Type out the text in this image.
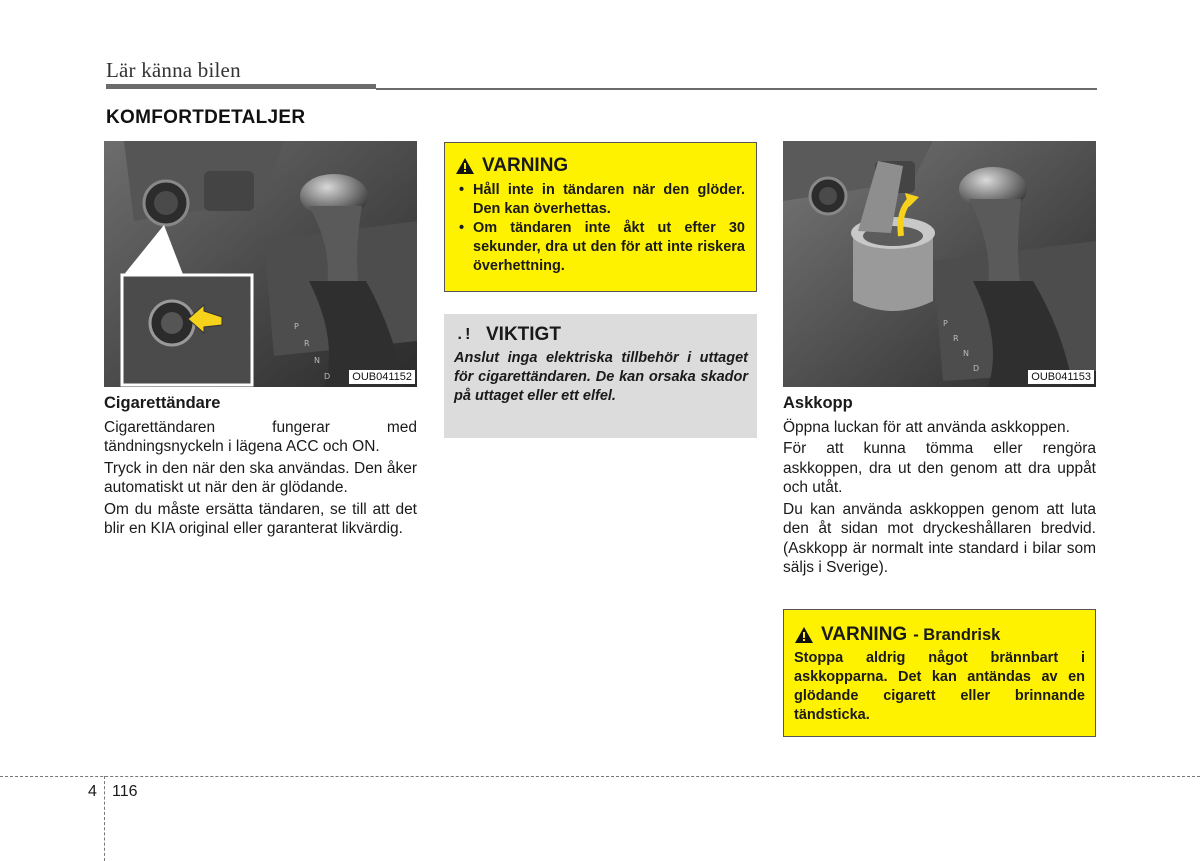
Lär känna bilen
KOMFORTDETALJER
P
R
N
D OUB041152
Cigarettändare

Cigarettändaren fungerar med tändningsnyckeln i lägena ACC och ON.

Tryck in den när den ska användas. Den åker automatiskt ut när den är glödande.

Om du måste ersätta tändaren, se till att det blir en KIA original eller garanterat likvärdig.

VARNING
• Håll inte in tändaren när den glöder. Den kan överhettas.
• Om tändaren inte åkt ut efter 30 sekunder, dra ut den för att inte riskera överhettning.
. ! VIKTIGT
Anslut inga elektriska tillbehör i uttaget för cigarettändaren. De kan orsaka skador på uttaget eller ett elfel.
R
N
D
P
OUB041153
Askkopp

Öppna luckan för att använda askkoppen.

För att kunna tömma eller rengöra askkoppen, dra ut den genom att dra uppåt och utåt.

Du kan använda askkoppen genom att luta den åt sidan mot dryckeshållaren bredvid. (Askkopp är normalt inte standard i bilar som säljs i Sverige).

VARNING - Brandrisk
Stoppa aldrig något brännbart i askkopparna. Det kan antändas av en glödande cigarett eller brinnande tändsticka.
4 116
